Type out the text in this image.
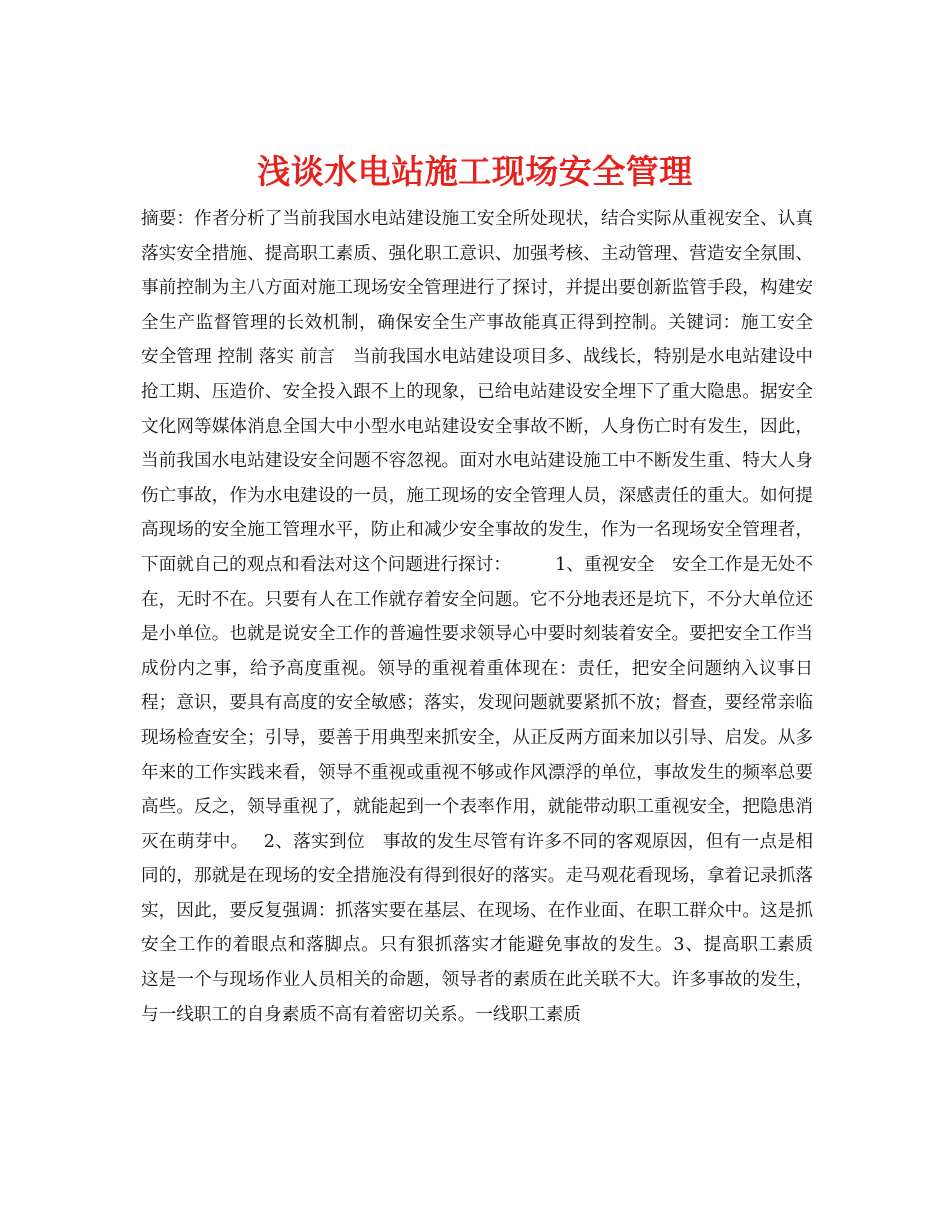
浅谈水电站施工现场安全管理

摘要：作者分析了当前我国水电站建设施工安全所处现状，结合实际从重视安全、认真落实安全措施、提高职工素质、强化职工意识、加强考核、主动管理、营造安全氛围、事前控制为主八方面对施工现场安全管理进行了探讨，并提出要创新监管手段，构建安全生产监督管理的长效机制，确保安全生产事故能真正得到控制。关键词：施工安全 安全管理 控制 落实 前言　当前我国水电站建设项目多、战线长，特别是水电站建设中抢工期、压造价、安全投入跟不上的现象，已给电站建设安全埋下了重大隐患。据安全文化网等媒体消息全国大中小型水电站建设安全事故不断，人身伤亡时有发生，因此，当前我国水电站建设安全问题不容忽视。面对水电站建设施工中不断发生重、特大人身伤亡事故，作为水电建设的一员，施工现场的安全管理人员，深感责任的重大。如何提高现场的安全施工管理水平，防止和减少安全事故的发生，作为一名现场安全管理者，下面就自己的观点和看法对这个问题进行探讨：　　　1、重视安全　安全工作是无处不在，无时不在。只要有人在工作就存着安全问题。它不分地表还是坑下，不分大单位还是小单位。也就是说安全工作的普遍性要求领导心中要时刻装着安全。要把安全工作当成份内之事，给予高度重视。领导的重视着重体现在：责任，把安全问题纳入议事日程；意识，要具有高度的安全敏感；落实，发现问题就要紧抓不放；督查，要经常亲临现场检查安全；引导，要善于用典型来抓安全，从正反两方面来加以引导、启发。从多年来的工作实践来看，领导不重视或重视不够或作风漂浮的单位，事故发生的频率总要高些。反之，领导重视了，就能起到一个表率作用，就能带动职工重视安全，把隐患消灭在萌芽中。　 2、落实到位　事故的发生尽管有许多不同的客观原因，但有一点是相同的，那就是在现场的安全措施没有得到很好的落实。走马观花看现场，拿着记录抓落实，因此，要反复强调：抓落实要在基层、在现场、在作业面、在职工群众中。这是抓安全工作的着眼点和落脚点。只有狠抓落实才能避免事故的发生。3、提高职工素质　这是一个与现场作业人员相关的命题，领导者的素质在此关联不大。许多事故的发生，与一线职工的自身素质不高有着密切关系。一线职工素质
